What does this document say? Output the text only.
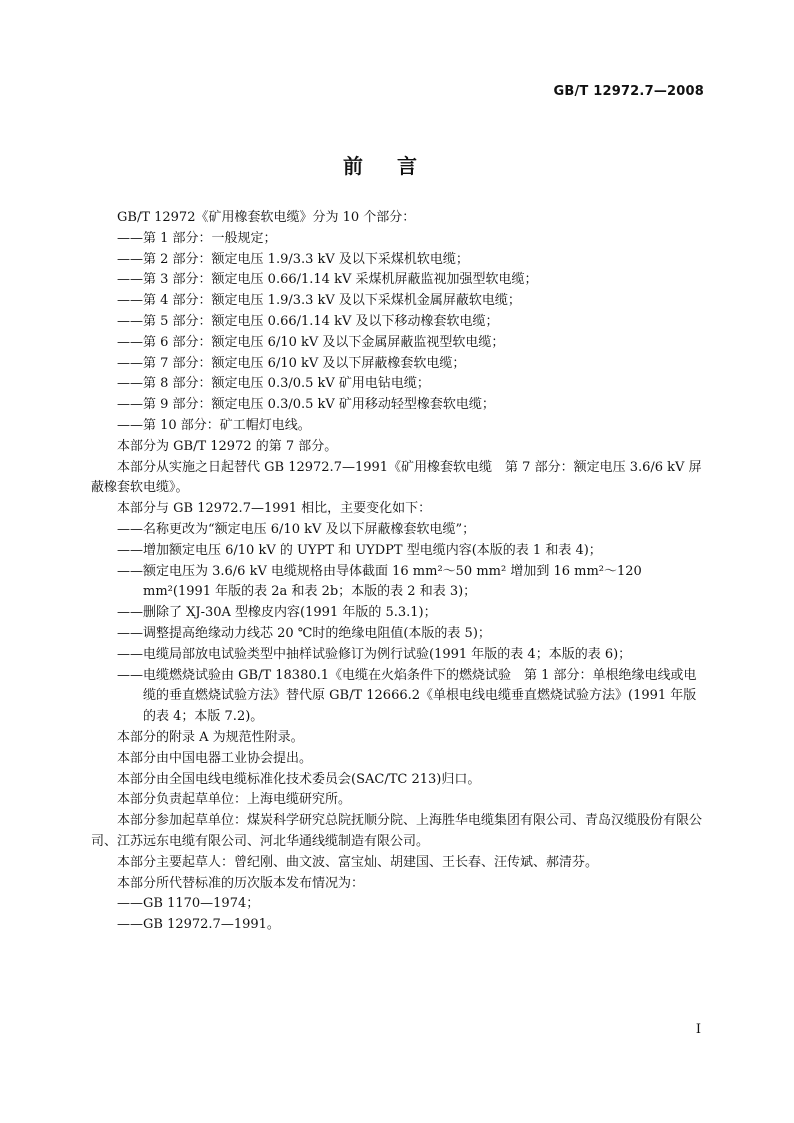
GB/T 12972.7—2008
前言

GB/T 12972《矿用橡套软电缆》分为 10 个部分：

——第 1 部分：一般规定；

——第 2 部分：额定电压 1.9/3.3 kV 及以下采煤机软电缆；

——第 3 部分：额定电压 0.66/1.14 kV 采煤机屏蔽监视加强型软电缆；

——第 4 部分：额定电压 1.9/3.3 kV 及以下采煤机金属屏蔽软电缆；

——第 5 部分：额定电压 0.66/1.14 kV 及以下移动橡套软电缆；

——第 6 部分：额定电压 6/10 kV 及以下金属屏蔽监视型软电缆；

——第 7 部分：额定电压 6/10 kV 及以下屏蔽橡套软电缆；

——第 8 部分：额定电压 0.3/0.5 kV 矿用电钻电缆；

——第 9 部分：额定电压 0.3/0.5 kV 矿用移动轻型橡套软电缆；

——第 10 部分：矿工帽灯电线。

本部分为 GB/T 12972 的第 7 部分。

本部分从实施之日起替代 GB 12972.7—1991《矿用橡套软电缆　第 7 部分：额定电压 3.6/6 kV 屏蔽橡套软电缆》。

本部分与 GB 12972.7—1991 相比，主要变化如下：

——名称更改为“额定电压 6/10 kV 及以下屏蔽橡套软电缆”；

——增加额定电压 6/10 kV 的 UYPT 和 UYDPT 型电缆内容(本版的表 1 和表 4)；

——额定电压为 3.6/6 kV 电缆规格由导体截面 16 mm²～50 mm² 增加到 16 mm²～120 mm²(1991 年版的表 2a 和表 2b；本版的表 2 和表 3)；

——删除了 XJ-30A 型橡皮内容(1991 年版的 5.3.1)；

——调整提高绝缘动力线芯 20 ℃时的绝缘电阻值(本版的表 5)；

——电缆局部放电试验类型中抽样试验修订为例行试验(1991 年版的表 4；本版的表 6)；

——电缆燃烧试验由 GB/T 18380.1《电缆在火焰条件下的燃烧试验　第 1 部分：单根绝缘电线或电缆的垂直燃烧试验方法》替代原 GB/T 12666.2《单根电线电缆垂直燃烧试验方法》(1991 年版的表 4；本版 7.2)。

本部分的附录 A 为规范性附录。

本部分由中国电器工业协会提出。

本部分由全国电线电缆标准化技术委员会(SAC/TC 213)归口。

本部分负责起草单位：上海电缆研究所。

本部分参加起草单位：煤炭科学研究总院抚顺分院、上海胜华电缆集团有限公司、青岛汉缆股份有限公司、江苏远东电缆有限公司、河北华通线缆制造有限公司。

本部分主要起草人：曾纪刚、曲文波、富宝灿、胡建国、王长春、汪传斌、郝清芬。

本部分所代替标准的历次版本发布情况为：

——GB 1170—1974；

——GB 12972.7—1991。

I
